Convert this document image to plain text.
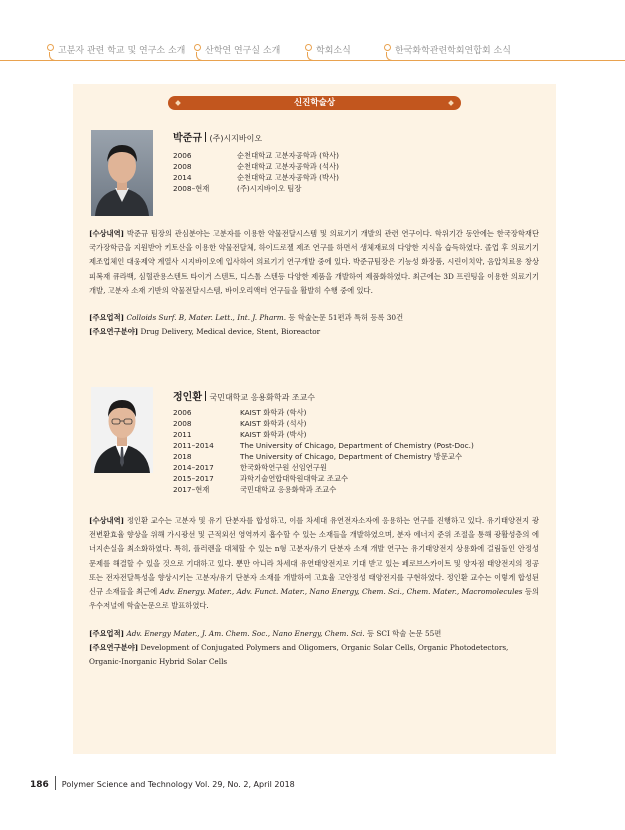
고분자 관련 학교 및 연구소 소개	산학연 연구실 소개	학회소식	한국화학관련학회연합회 소식
신진학술상
박준규 (주)시지바이오
2006	순천대학교 고분자공학과 (학사)
2008	순천대학교 고분자공학과 (석사)
2014	순천대학교 고분자공학과 (박사)
2008–현재	(주)시지바이오 팀장
[수상내역] 박준규 팀장의 관심분야는 고분자를 이용한 약물전달시스템 및 의료기기 개발의 관련 연구이다. 학위기간 동안에는 한국장학재단 국가장학금을 지원받아 키토산을 이용한 약물전달체, 하이드로젤 제조 연구를 하면서 생체재료의 다양한 지식을 습득하였다. 졸업 후 의료기기제조업체인 대웅제약 계열사 시지바이오에 입사하여 의료기기 연구개발 중에 있다. 박준규팀장은 기능성 화장품, 시린이치약, 음압치료용 창상피복재 큐라백, 심혈관용스텐트 타이거 스텐트, 디스톨 스텐등 다양한 제품을 개발하여 제품화하였다. 최근에는 3D 프린팅을 이용한 의료기기 개발, 고분자 소재 기반의 약물전달시스템, 바이오리액터 연구들을 활발히 수행 중에 있다.
[주요업적] Colloids Surf. B, Mater. Lett., Int. J. Pharm. 등 학술논문 51편과 특허 등록 30건
[주요연구분야] Drug Delivery, Medical device, Stent, Bioreactor
정인환 국민대학교 응용화학과 조교수
2006	KAIST 화학과 (학사)
2008	KAIST 화학과 (석사)
2011	KAIST 화학과 (박사)
2011–2014	The University of Chicago, Department of Chemistry (Post-Doc.)
2018	The University of Chicago, Department of Chemistry 방문교수
2014–2017	한국화학연구원 선임연구원
2015–2017	과학기술연합대학원대학교 조교수
2017–현재	국민대학교 응용화학과 조교수
[수상내역] 정인환 교수는 고분자 및 유기 단분자를 합성하고, 이를 차세대 유연전자소자에 응용하는 연구를 진행하고 있다. 유기태양전지 광전변환효율 향상을 위해 가시광선 및 근적외선 영역까지 흡수할 수 있는 소재들을 개발하였으며, 분자 에너지 준위 조절을 통해 광활성층의 에너지손실을 최소화하였다. 특히, 플러렌을 대체할 수 있는 n형 고분자/유기 단분자 소재 개발 연구는 유기태양전지 상용화에 걸림돌인 안정성 문제를 해결할 수 있을 것으로 기대하고 있다. 뿐만 아니라 차세대 유연태양전지로 기대 받고 있는 페로브스카이트 및 양자점 태양전지의 정공 또는 전자전달특성을 향상시키는 고분자/유기 단분자 소재를 개발하여 고효율 고안정성 태양전지를 구현하였다. 정인환 교수는 이렇게 합성된 신규 소재들을 최근에 Adv. Energy. Mater., Adv. Funct. Mater., Nano Energy, Chem. Sci., Chem. Mater., Macromolecules 등의 우수저널에 학술논문으로 발표하였다.
[주요업적] Adv. Energy Mater., J. Am. Chem. Soc., Nano Energy, Chem. Sci. 등 SCI 학술 논문 55편
[주요연구분야] Development of Conjugated Polymers and Oligomers, Organic Solar Cells, Organic Photodetectors, Organic-Inorganic Hybrid Solar Cells
186 Polymer Science and Technology Vol. 29, No. 2, April 2018
